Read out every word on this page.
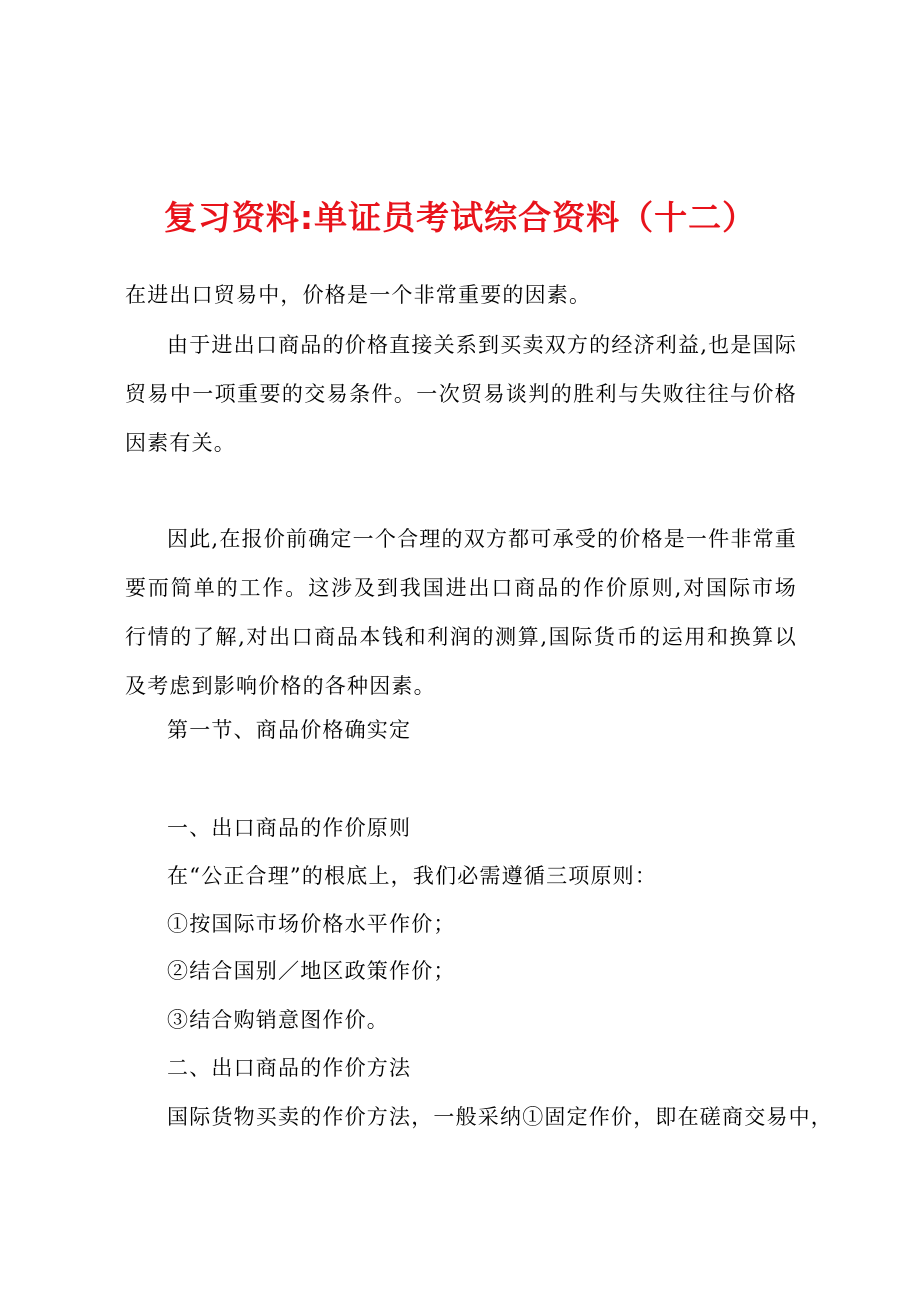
复习资料:单证员考试综合资料（十二）

在进出口贸易中，价格是一个非常重要的因素。

由于进出口商品的价格直接关系到买卖双方的经济利益,也是国际贸易中一项重要的交易条件。一次贸易谈判的胜利与失败往往与价格因素有关。

因此,在报价前确定一个合理的双方都可承受的价格是一件非常重要而简单的工作。这涉及到我国进出口商品的作价原则,对国际市场行情的了解,对出口商品本钱和利润的测算,国际货币的运用和换算以及考虑到影响价格的各种因素。

第一节、商品价格确实定

一、出口商品的作价原则

在“公正合理”的根底上，我们必需遵循三项原则：

①按国际市场价格水平作价；

②结合国别／地区政策作价；

③结合购销意图作价。

二、出口商品的作价方法

国际货物买卖的作价方法，一般采纳①固定作价，即在磋商交易中，
